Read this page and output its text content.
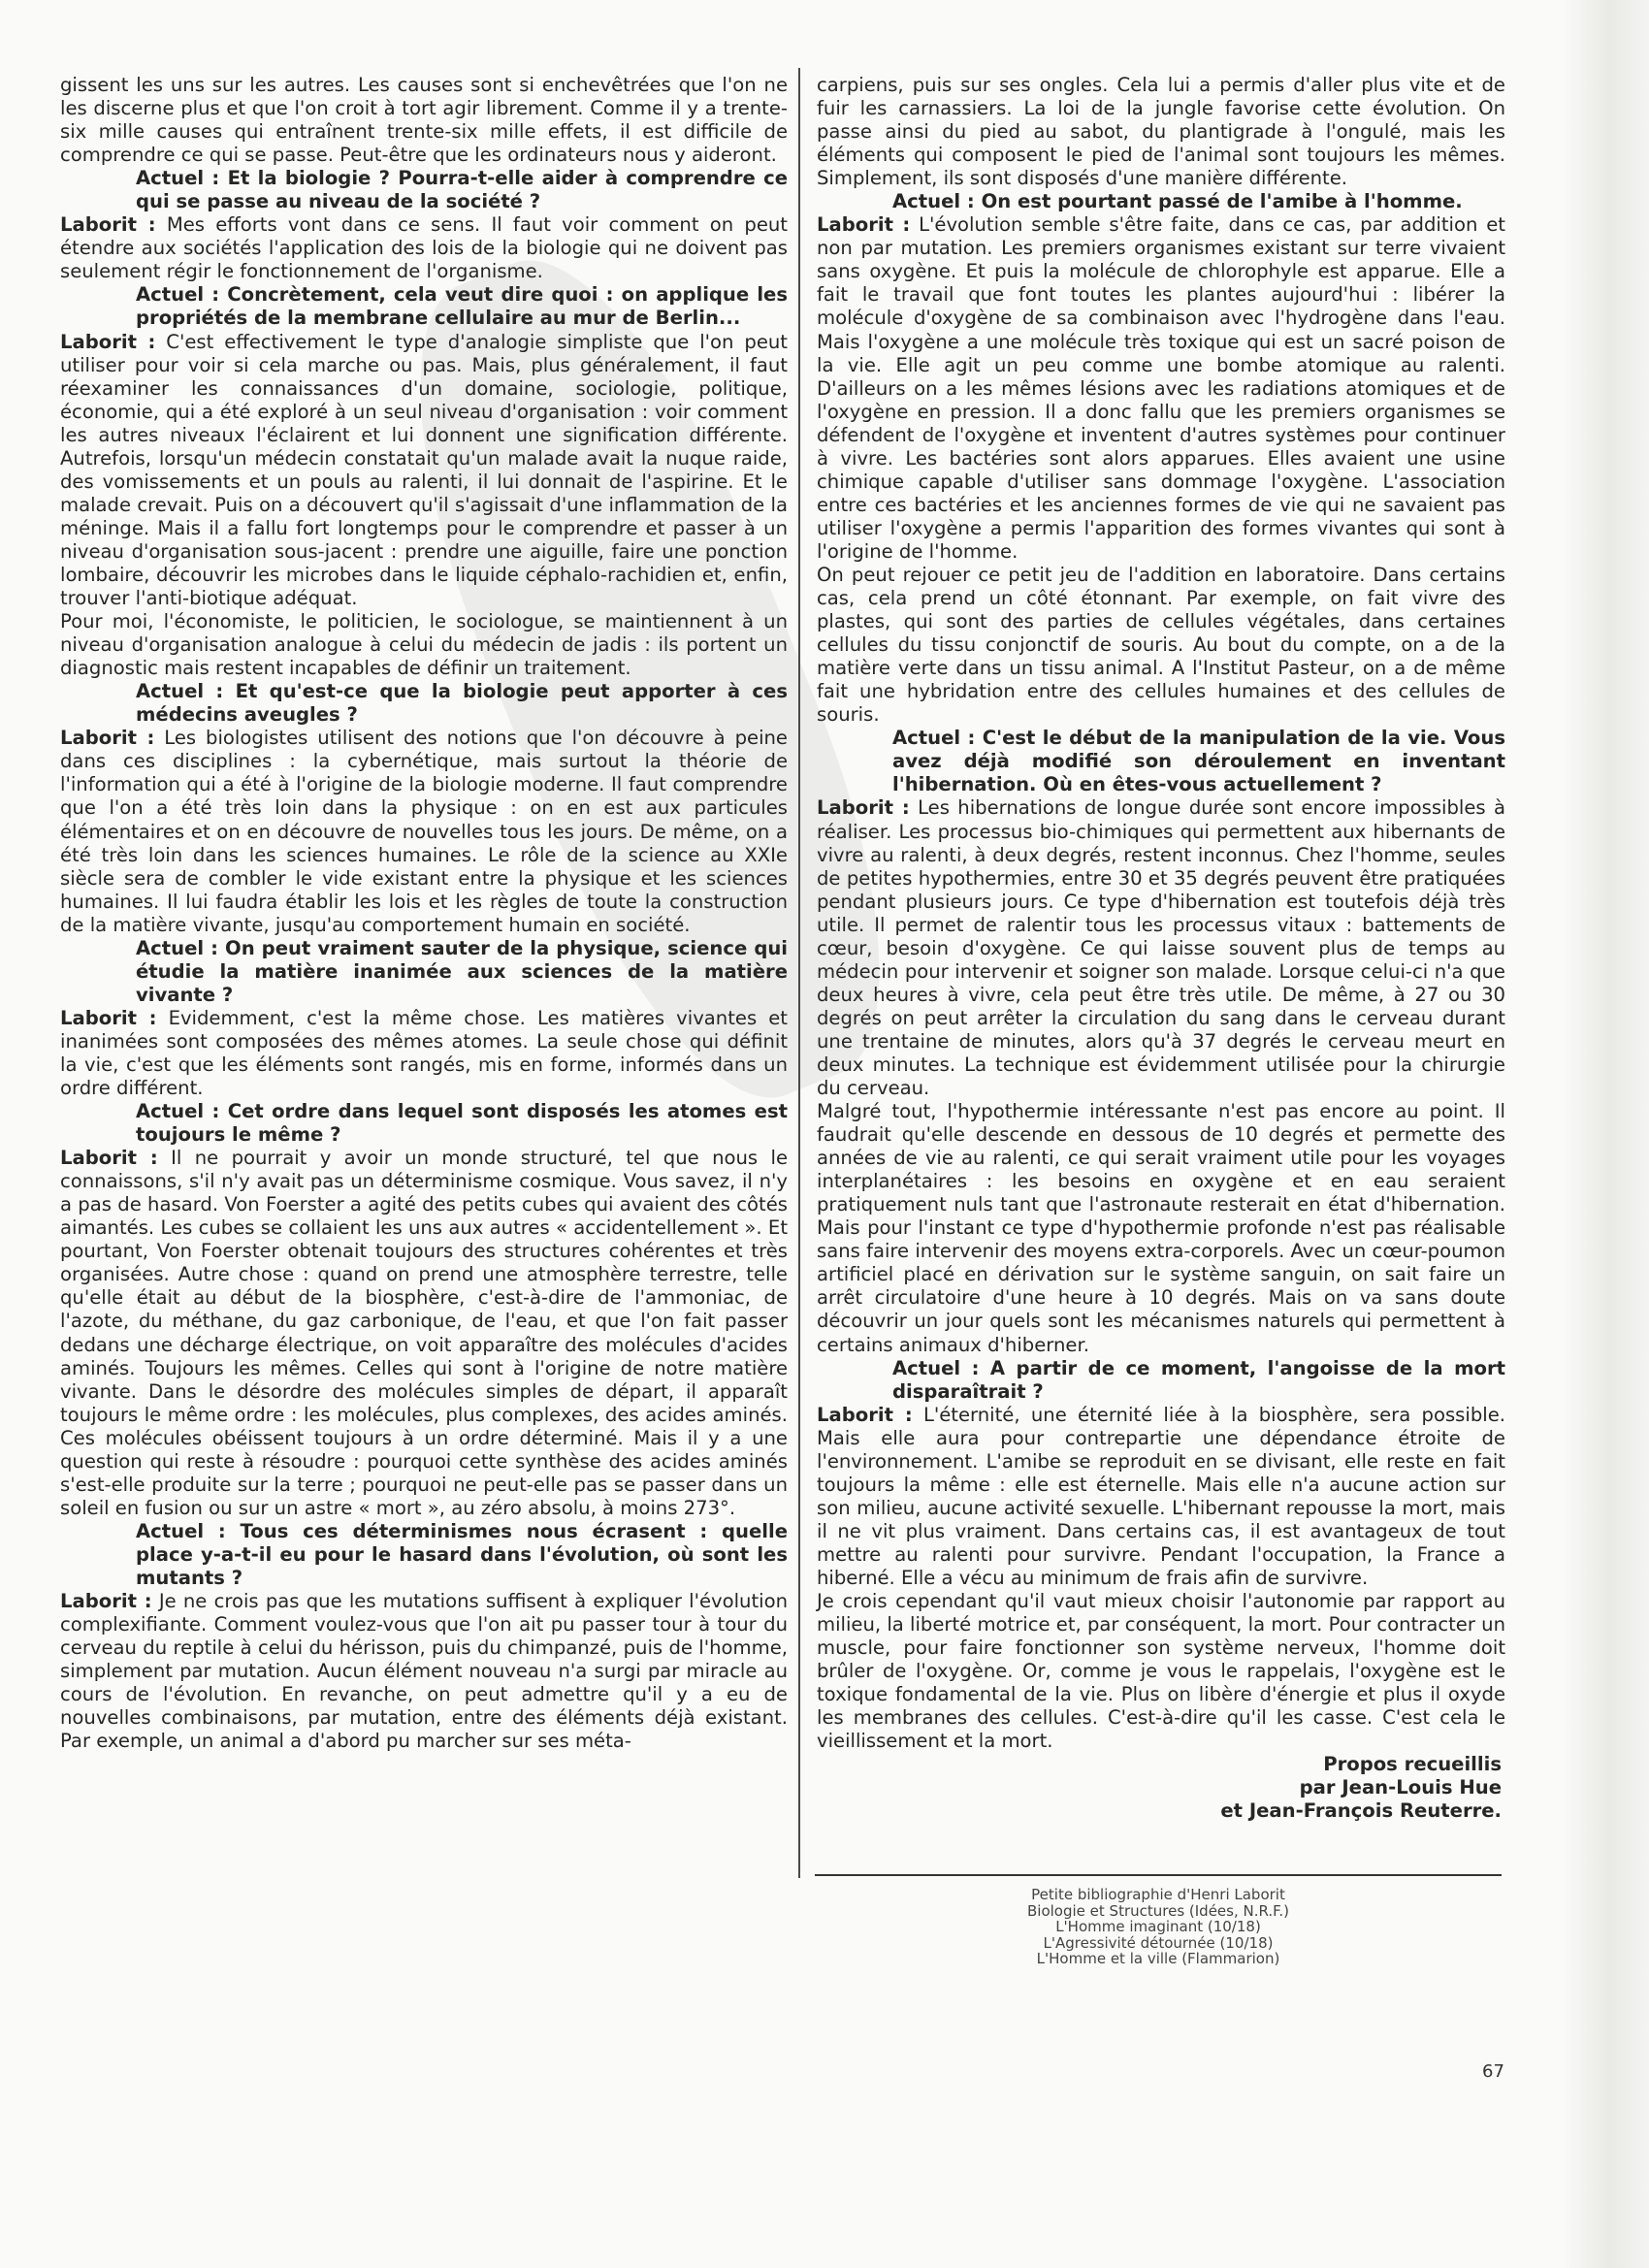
gissent les uns sur les autres. Les causes sont si enchevêtrées que l'on ne les discerne plus et que l'on croit à tort agir librement. Comme il y a trente-six mille causes qui entraînent trente-six mille effets, il est difficile de comprendre ce qui se passe. Peut-être que les ordinateurs nous y aideront.

Actuel : Et la biologie ? Pourra-t-elle aider à comprendre ce qui se passe au niveau de la société ?

Laborit : Mes efforts vont dans ce sens. Il faut voir comment on peut étendre aux sociétés l'application des lois de la biologie qui ne doivent pas seulement régir le fonctionnement de l'organisme.

Actuel : Concrètement, cela veut dire quoi : on applique les propriétés de la membrane cellulaire au mur de Berlin...

Laborit : C'est effectivement le type d'analogie simpliste que l'on peut utiliser pour voir si cela marche ou pas. Mais, plus généralement, il faut réexaminer les connaissances d'un domaine, sociologie, politique, économie, qui a été exploré à un seul niveau d'organisation : voir comment les autres niveaux l'éclairent et lui donnent une signification différente. Autrefois, lorsqu'un médecin constatait qu'un malade avait la nuque raide, des vomissements et un pouls au ralenti, il lui donnait de l'aspirine. Et le malade crevait. Puis on a découvert qu'il s'agissait d'une inflammation de la méninge. Mais il a fallu fort longtemps pour le comprendre et passer à un niveau d'organisation sous-jacent : prendre une aiguille, faire une ponction lombaire, découvrir les microbes dans le liquide céphalo-rachidien et, enfin, trouver l'anti-biotique adéquat.

Pour moi, l'économiste, le politicien, le sociologue, se maintiennent à un niveau d'organisation analogue à celui du médecin de jadis : ils portent un diagnostic mais restent incapables de définir un traitement.

Actuel : Et qu'est-ce que la biologie peut apporter à ces médecins aveugles ?

Laborit : Les biologistes utilisent des notions que l'on découvre à peine dans ces disciplines : la cybernétique, mais surtout la théorie de l'information qui a été à l'origine de la biologie moderne. Il faut comprendre que l'on a été très loin dans la physique : on en est aux particules élémentaires et on en découvre de nouvelles tous les jours. De même, on a été très loin dans les sciences humaines. Le rôle de la science au XXIe siècle sera de combler le vide existant entre la physique et les sciences humaines. Il lui faudra établir les lois et les règles de toute la construction de la matière vivante, jusqu'au comportement humain en société.

Actuel : On peut vraiment sauter de la physique, science qui étudie la matière inanimée aux sciences de la matière vivante ?

Laborit : Evidemment, c'est la même chose. Les matières vivantes et inanimées sont composées des mêmes atomes. La seule chose qui définit la vie, c'est que les éléments sont rangés, mis en forme, informés dans un ordre différent.

Actuel : Cet ordre dans lequel sont disposés les atomes est toujours le même ?

Laborit : Il ne pourrait y avoir un monde structuré, tel que nous le connaissons, s'il n'y avait pas un déterminisme cosmique. Vous savez, il n'y a pas de hasard. Von Foerster a agité des petits cubes qui avaient des côtés aimantés. Les cubes se collaient les uns aux autres « accidentellement ». Et pourtant, Von Foerster obtenait toujours des structures cohérentes et très organisées. Autre chose : quand on prend une atmosphère terrestre, telle qu'elle était au début de la biosphère, c'est-à-dire de l'ammoniac, de l'azote, du méthane, du gaz carbonique, de l'eau, et que l'on fait passer dedans une décharge électrique, on voit apparaître des molécules d'acides aminés. Toujours les mêmes. Celles qui sont à l'origine de notre matière vivante. Dans le désordre des molécules simples de départ, il apparaît toujours le même ordre : les molécules, plus complexes, des acides aminés. Ces molécules obéissent toujours à un ordre déterminé. Mais il y a une question qui reste à résoudre : pourquoi cette synthèse des acides aminés s'est-elle produite sur la terre ; pourquoi ne peut-elle pas se passer dans un soleil en fusion ou sur un astre « mort », au zéro absolu, à moins 273°.

Actuel : Tous ces déterminismes nous écrasent : quelle place y-a-t-il eu pour le hasard dans l'évolution, où sont les mutants ?

Laborit : Je ne crois pas que les mutations suffisent à expliquer l'évolution complexifiante. Comment voulez-vous que l'on ait pu passer tour à tour du cerveau du reptile à celui du hérisson, puis du chimpanzé, puis de l'homme, simplement par mutation. Aucun élément nouveau n'a surgi par miracle au cours de l'évolution. En revanche, on peut admettre qu'il y a eu de nouvelles combinaisons, par mutation, entre des éléments déjà existant. Par exemple, un animal a d'abord pu marcher sur ses méta-

carpiens, puis sur ses ongles. Cela lui a permis d'aller plus vite et de fuir les carnassiers. La loi de la jungle favorise cette évolution. On passe ainsi du pied au sabot, du plantigrade à l'ongulé, mais les éléments qui composent le pied de l'animal sont toujours les mêmes. Simplement, ils sont disposés d'une manière différente.

Actuel : On est pourtant passé de l'amibe à l'homme.

Laborit : L'évolution semble s'être faite, dans ce cas, par addition et non par mutation. Les premiers organismes existant sur terre vivaient sans oxygène. Et puis la molécule de chlorophyle est apparue. Elle a fait le travail que font toutes les plantes aujourd'hui : libérer la molécule d'oxygène de sa combinaison avec l'hydrogène dans l'eau. Mais l'oxygène a une molécule très toxique qui est un sacré poison de la vie. Elle agit un peu comme une bombe atomique au ralenti. D'ailleurs on a les mêmes lésions avec les radiations atomiques et de l'oxygène en pression. Il a donc fallu que les premiers organismes se défendent de l'oxygène et inventent d'autres systèmes pour continuer à vivre. Les bactéries sont alors apparues. Elles avaient une usine chimique capable d'utiliser sans dommage l'oxygène. L'association entre ces bactéries et les anciennes formes de vie qui ne savaient pas utiliser l'oxygène a permis l'apparition des formes vivantes qui sont à l'origine de l'homme.

On peut rejouer ce petit jeu de l'addition en laboratoire. Dans certains cas, cela prend un côté étonnant. Par exemple, on fait vivre des plastes, qui sont des parties de cellules végétales, dans certaines cellules du tissu conjonctif de souris. Au bout du compte, on a de la matière verte dans un tissu animal. A l'Institut Pasteur, on a de même fait une hybridation entre des cellules humaines et des cellules de souris.

Actuel : C'est le début de la manipulation de la vie. Vous avez déjà modifié son déroulement en inventant l'hibernation. Où en êtes-vous actuellement ?

Laborit : Les hibernations de longue durée sont encore impossibles à réaliser. Les processus bio-chimiques qui permettent aux hibernants de vivre au ralenti, à deux degrés, restent inconnus. Chez l'homme, seules de petites hypothermies, entre 30 et 35 degrés peuvent être pratiquées pendant plusieurs jours. Ce type d'hibernation est toutefois déjà très utile. Il permet de ralentir tous les processus vitaux : battements de cœur, besoin d'oxygène. Ce qui laisse souvent plus de temps au médecin pour intervenir et soigner son malade. Lorsque celui-ci n'a que deux heures à vivre, cela peut être très utile. De même, à 27 ou 30 degrés on peut arrêter la circulation du sang dans le cerveau durant une trentaine de minutes, alors qu'à 37 degrés le cerveau meurt en deux minutes. La technique est évidemment utilisée pour la chirurgie du cerveau.

Malgré tout, l'hypothermie intéressante n'est pas encore au point. Il faudrait qu'elle descende en dessous de 10 degrés et permette des années de vie au ralenti, ce qui serait vraiment utile pour les voyages interplanétaires : les besoins en oxygène et en eau seraient pratiquement nuls tant que l'astronaute resterait en état d'hibernation. Mais pour l'instant ce type d'hypothermie profonde n'est pas réalisable sans faire intervenir des moyens extra-corporels. Avec un cœur-poumon artificiel placé en dérivation sur le système sanguin, on sait faire un arrêt circulatoire d'une heure à 10 degrés. Mais on va sans doute découvrir un jour quels sont les mécanismes naturels qui permettent à certains animaux d'hiberner.

Actuel : A partir de ce moment, l'angoisse de la mort disparaîtrait ?

Laborit : L'éternité, une éternité liée à la biosphère, sera possible. Mais elle aura pour contrepartie une dépendance étroite de l'environnement. L'amibe se reproduit en se divisant, elle reste en fait toujours la même : elle est éternelle. Mais elle n'a aucune action sur son milieu, aucune activité sexuelle. L'hibernant repousse la mort, mais il ne vit plus vraiment. Dans certains cas, il est avantageux de tout mettre au ralenti pour survivre. Pendant l'occupation, la France a hiberné. Elle a vécu au minimum de frais afin de survivre.

Je crois cependant qu'il vaut mieux choisir l'autonomie par rapport au milieu, la liberté motrice et, par conséquent, la mort. Pour contracter un muscle, pour faire fonctionner son système nerveux, l'homme doit brûler de l'oxygène. Or, comme je vous le rappelais, l'oxygène est le toxique fondamental de la vie. Plus on libère d'énergie et plus il oxyde les membranes des cellules. C'est-à-dire qu'il les casse. C'est cela le vieillissement et la mort.

Propos recueillis
par Jean-Louis Hue
et Jean-François Reuterre.

Petite bibliographie d'Henri Laborit
Biologie et Structures (Idées, N.R.F.)
L'Homme imaginant (10/18)
L'Agressivité détournée (10/18)
L'Homme et la ville (Flammarion)
67
